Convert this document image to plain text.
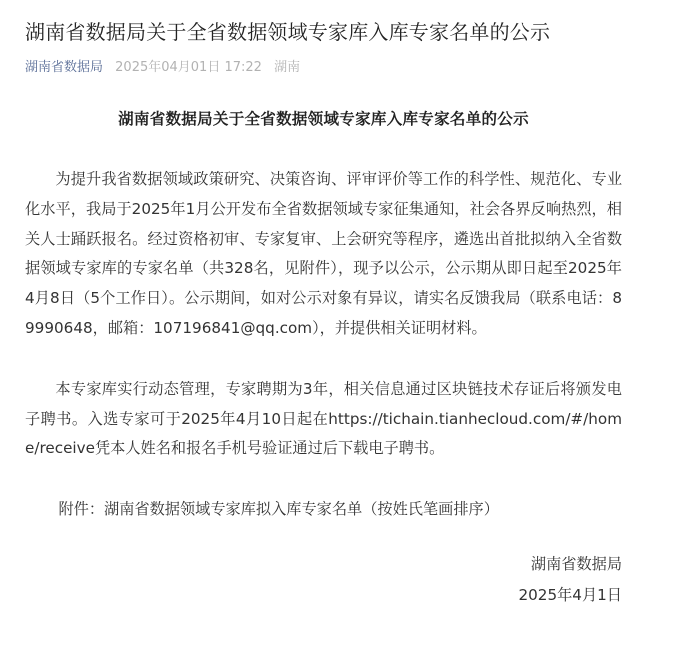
湖南省数据局关于全省数据领域专家库入库专家名单的公示
湖南省数据局 2025年04月01日 17:22 湖南
湖南省数据局关于全省数据领域专家库入库专家名单的公示

为提升我省数据领域政策研究、决策咨询、评审评价等工作的科学性、规范化、专业化水平，我局于2025年1月公开发布全省数据领域专家征集通知，社会各界反响热烈，相关人士踊跃报名。经过资格初审、专家复审、上会研究等程序，遴选出首批拟纳入全省数据领域专家库的专家名单（共328名，见附件），现予以公示，公示期从即日起至2025年4月8日（5个工作日）。公示期间，如对公示对象有异议，请实名反馈我局（联系电话：89990648，邮箱：107196841@qq.com），并提供相关证明材料。

本专家库实行动态管理，专家聘期为3年，相关信息通过区块链技术存证后将颁发电子聘书。入选专家可于2025年4月10日起在https://tichain.tianhecloud.com/#/home/receive凭本人姓名和报名手机号验证通过后下载电子聘书。

附件：湖南省数据领域专家库拟入库专家名单（按姓氏笔画排序）

湖南省数据局
2025年4月1日
